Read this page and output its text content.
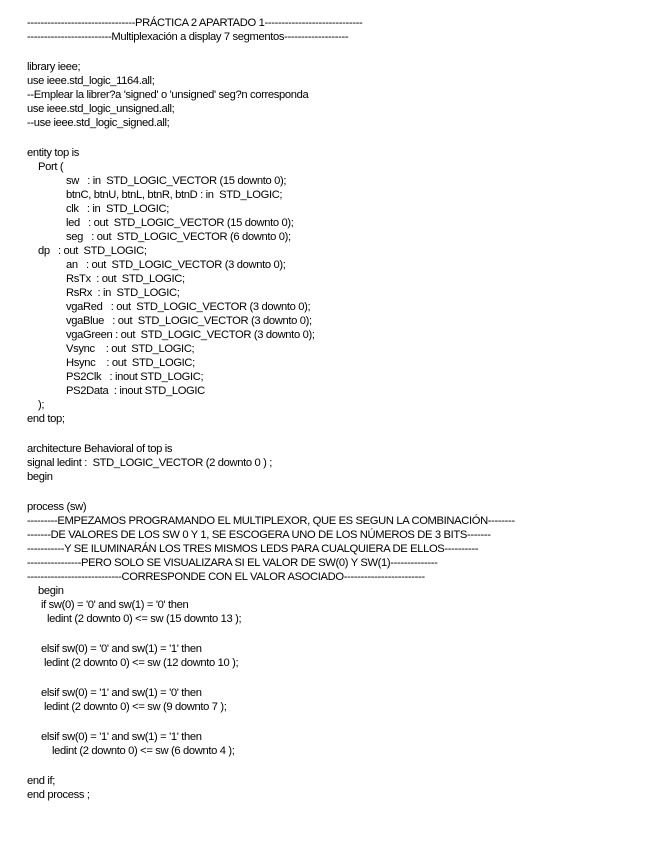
--------------------------------PRÁCTICA 2 APARTADO 1-----------------------------
-------------------------Multiplexación a display 7 segmentos-------------------
library ieee;
use ieee.std_logic_1164.all;
--Emplear la librer?a 'signed' o 'unsigned' seg?n corresponda
use ieee.std_logic_unsigned.all;
--use ieee.std_logic_signed.all;
entity top is
Port (
sw   : in  STD_LOGIC_VECTOR (15 downto 0);
btnC, btnU, btnL, btnR, btnD : in  STD_LOGIC;
clk   : in  STD_LOGIC;
led   : out  STD_LOGIC_VECTOR (15 downto 0);
seg   : out  STD_LOGIC_VECTOR (6 downto 0);
dp   : out  STD_LOGIC;
an   : out  STD_LOGIC_VECTOR (3 downto 0);
RsTx  : out  STD_LOGIC;
RsRx  : in  STD_LOGIC;
vgaRed   : out  STD_LOGIC_VECTOR (3 downto 0);
vgaBlue   : out  STD_LOGIC_VECTOR (3 downto 0);
vgaGreen : out  STD_LOGIC_VECTOR (3 downto 0);
Vsync    : out  STD_LOGIC;
Hsync    : out  STD_LOGIC;
PS2Clk   : inout STD_LOGIC;
PS2Data  : inout STD_LOGIC
);
end top;
architecture Behavioral of top is
signal ledint :  STD_LOGIC_VECTOR (2 downto 0 ) ;
begin
process (sw)
---------EMPEZAMOS PROGRAMANDO EL MULTIPLEXOR, QUE ES SEGUN LA COMBINACIÓN--------
-------DE VALORES DE LOS SW 0 Y 1, SE ESCOGERA UNO DE LOS NÚMEROS DE 3 BITS-------
-----------Y SE ILUMINARÁN LOS TRES MISMOS LEDS PARA CUALQUIERA DE ELLOS----------
----------------PERO SOLO SE VISUALIZARA SI EL VALOR DE SW(0) Y SW(1)--------------
----------------------------CORRESPONDE CON EL VALOR ASOCIADO------------------------
begin
if sw(0) = '0' and sw(1) = '0' then
ledint (2 downto 0) <= sw (15 downto 13 );
elsif sw(0) = '0' and sw(1) = '1' then
ledint (2 downto 0) <= sw (12 downto 10 );
elsif sw(0) = '1' and sw(1) = '0' then
ledint (2 downto 0) <= sw (9 downto 7 );
elsif sw(0) = '1' and sw(1) = '1' then
ledint (2 downto 0) <= sw (6 downto 4 );
end if;
end process ;
